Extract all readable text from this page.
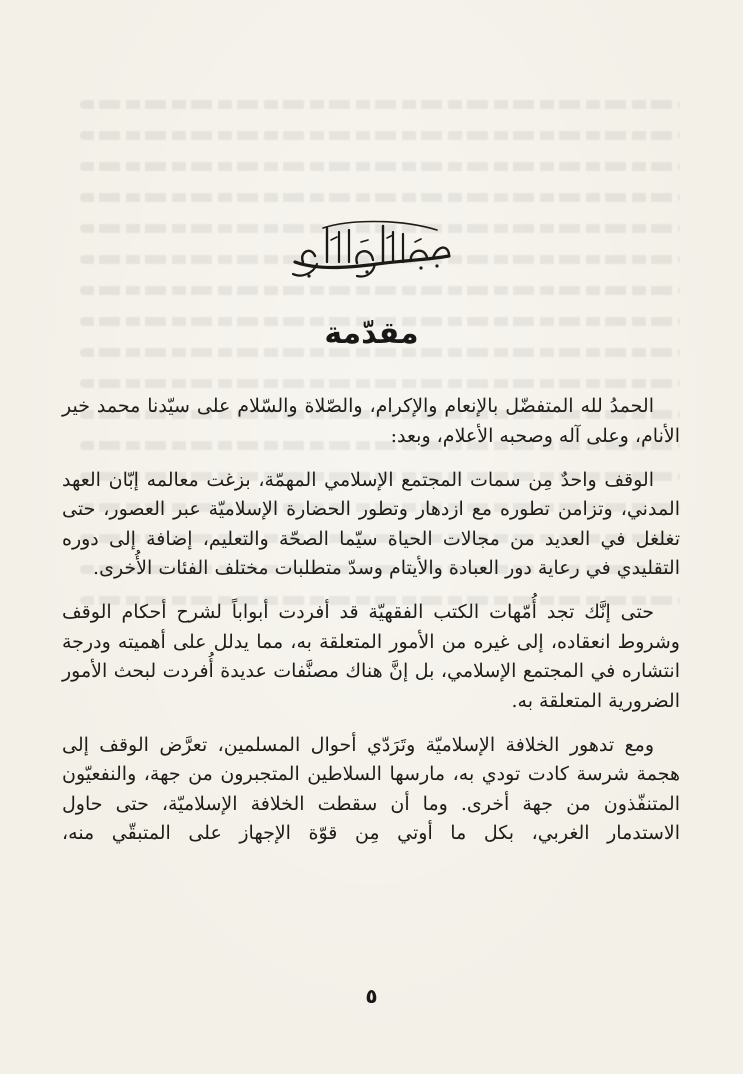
مقدّمة

الحمدُ لله المتفضّل بالإنعام والإكرام، والصّلاة والسّلام على سيّدنا محمد خير الأنام، وعلى آله وصحبه الأعلام، وبعد:

الوقف واحدٌ مِن سمات المجتمع الإسلامي المهمّة، بزغت معالمه إبّان العهد المدني، وتزامن تطوره مع ازدهار وتطور الحضارة الإسلاميّة عبر العصور، حتى تغلغل في العديد من مجالات الحياة سيّما الصحّة والتعليم، إضافة إلى دوره التقليدي في رعاية دور العبادة والأيتام وسدّ متطلبات مختلف الفئات الأُخرى.

حتى إنَّك تجد أُمّهات الكتب الفقهيّة قد أفردت أبواباً لشرح أحكام الوقف وشروط انعقاده، إلى غيره من الأمور المتعلقة به، مما يدلل على أهميته ودرجة انتشاره في المجتمع الإسلامي، بل إنَّ هناك مصنَّفات عديدة أُفردت لبحث الأمور الضرورية المتعلقة به.

ومع تدهور الخلافة الإسلاميّة وتَرَدّي أحوال المسلمين، تعرَّض الوقف إلى هجمة شرسة كادت تودي به، مارسها السلاطين المتجبرون من جهة، والنفعيّون المتنفّذون من جهة أخرى. وما أن سقطت الخلافة الإسلاميّة، حتى حاول الاستدمار الغربي، بكل ما أوتي مِن قوّة الإجهاز على المتبقّي منه،

٥
